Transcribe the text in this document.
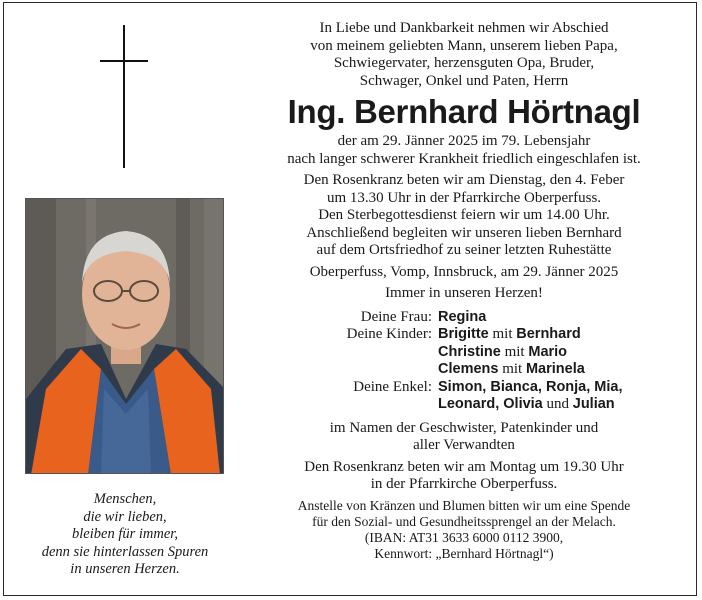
Menschen,
die wir lieben,
bleiben für immer,
denn sie hinterlassen Spuren
in unseren Herzen.

In Liebe und Dankbarkeit nehmen wir Abschied

von meinem geliebten Mann, unserem lieben Papa,

Schwiegervater, herzensguten Opa, Bruder,

Schwager, Onkel und Paten, Herrn

Ing. Bernhard Hörtnagl

der am 29. Jänner 2025 im 79. Lebensjahr

nach langer schwerer Krankheit friedlich eingeschlafen ist.

Den Rosenkranz beten wir am Dienstag, den 4. Feber

um 13.30 Uhr in der Pfarrkirche Oberperfuss.

Den Sterbegottesdienst feiern wir um 14.00 Uhr.

Anschließend begleiten wir unseren lieben Bernhard

auf dem Ortsfriedhof zu seiner letzten Ruhestätte

Oberperfuss, Vomp, Innsbruck, am 29. Jänner 2025

Immer in unseren Herzen!

Deine Frau: Regina
Deine Kinder: Brigitte mit Bernhard
Christine mit Mario
Clemens mit Marinela
Deine Enkel: Simon, Bianca, Ronja, Mia,
Leonard, Olivia und Julian

im Namen der Geschwister, Patenkinder und

aller Verwandten

Den Rosenkranz beten wir am Montag um 19.30 Uhr

in der Pfarrkirche Oberperfuss.

Anstelle von Kränzen und Blumen bitten wir um eine Spende

für den Sozial- und Gesundheitssprengel an der Melach.

(IBAN: AT31 3633 6000 0112 3900,

Kennwort: „Bernhard Hörtnagl“)
